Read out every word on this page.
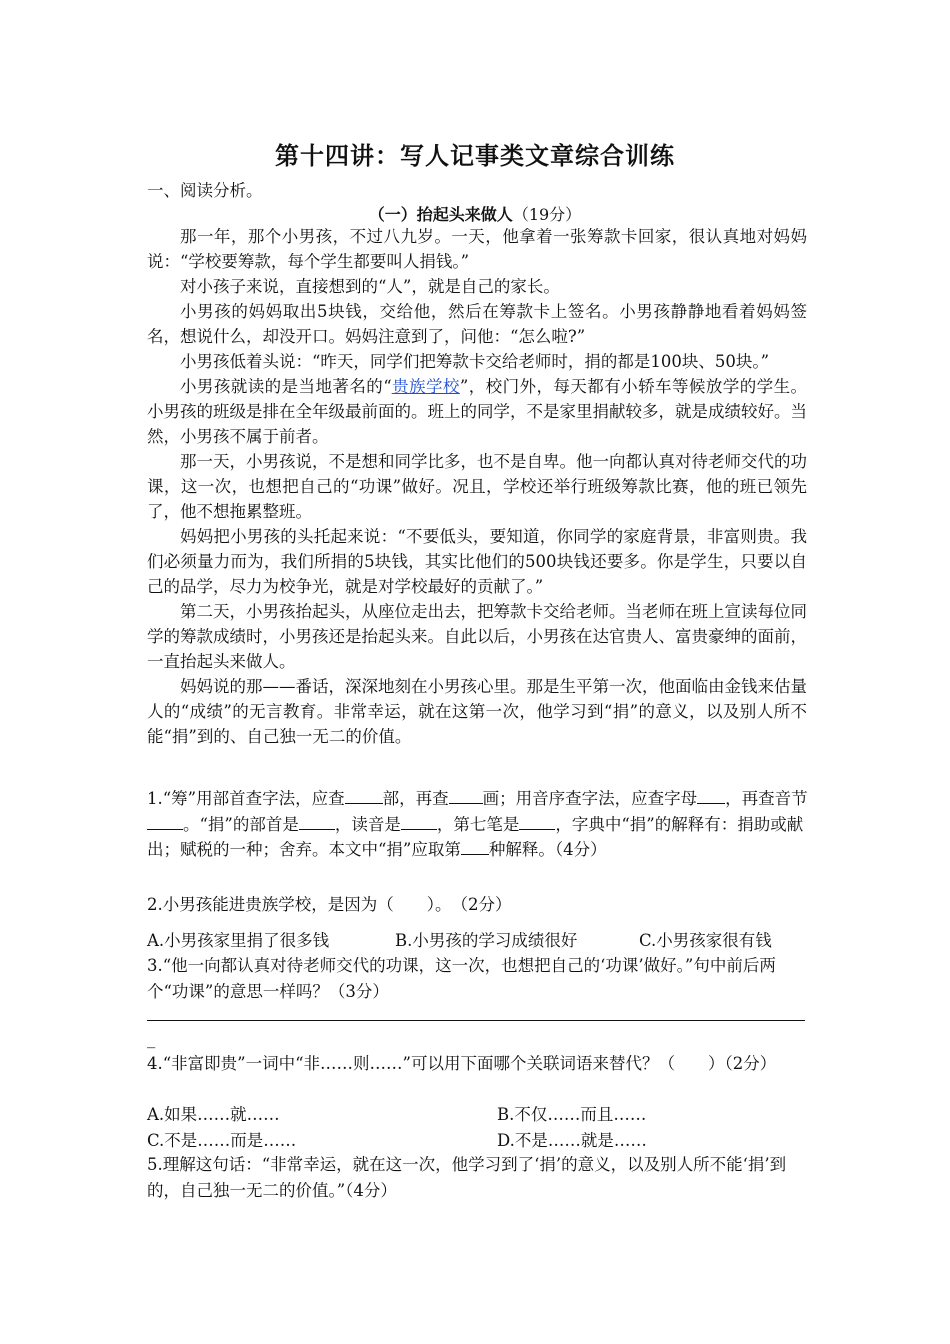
第十四讲：写人记事类文章综合训练
一、阅读分析。
（一）抬起头来做人（19分）

那一年，那个小男孩，不过八九岁。一天，他拿着一张筹款卡回家，很认真地对妈妈说：“学校要筹款，每个学生都要叫人捐钱。”

对小孩子来说，直接想到的“人”，就是自己的家长。

小男孩的妈妈取出5块钱，交给他，然后在筹款卡上签名。小男孩静静地看着妈妈签名，想说什么，却没开口。妈妈注意到了，问他：“怎么啦?”

小男孩低着头说：“昨天，同学们把筹款卡交给老师时，捐的都是100块、50块。”

小男孩就读的是当地著名的“贵族学校”，校门外，每天都有小轿车等候放学的学生。小男孩的班级是排在全年级最前面的。班上的同学，不是家里捐献较多，就是成绩较好。当然，小男孩不属于前者。

那一天，小男孩说，不是想和同学比多，也不是自卑。他一向都认真对待老师交代的功课，这一次，也想把自己的“功课”做好。况且，学校还举行班级筹款比赛，他的班已领先了，他不想拖累整班。

妈妈把小男孩的头托起来说：“不要低头，要知道，你同学的家庭背景，非富则贵。我们必须量力而为，我们所捐的5块钱，其实比他们的500块钱还要多。你是学生，只要以自己的品学，尽力为校争光，就是对学校最好的贡献了。”

第二天，小男孩抬起头，从座位走出去，把筹款卡交给老师。当老师在班上宣读每位同学的筹款成绩时，小男孩还是抬起头来。自此以后，小男孩在达官贵人、富贵豪绅的面前，一直抬起头来做人。

妈妈说的那——番话，深深地刻在小男孩心里。那是生平第一次，他面临由金钱来估量人的“成绩”的无言教育。非常幸运，就在这第一次，他学习到“捐”的意义，以及别人所不能“捐”到的、自己独一无二的价值。

1.“筹”用部首查字法，应查 部，再查 画；用音序查字法，应查字母 ，再查音节。“捐”的部首是 ，读音是 ，第七笔是 ，字典中“捐”的解释有：捐助或献出；赋税的一种；舍弃。本文中“捐”应取第 种解释。（4分）
2.小男孩能进贵族学校，是因为（　　）。　（2分）
A.小男孩家里捐了很多钱	B.小男孩的学习成绩很好	C.小男孩家很有钱
3.“他一向都认真对待老师交代的功课，这一次，也想把自己的‘功课’做好。”句中前后两个“功课”的意思一样吗？（3分）
_
4.“非富即贵”一词中“非……则……”可以用下面哪个关联词语来替代？（　　）（2分）
A.如果……就……	B.不仅……而且……
C.不是……而是……	D.不是……就是……
5.理解这句话：“非常幸运，就在这一次，他学习到了‘捐’的意义，以及别人所不能‘捐’到的，自己独一无二的价值。”（4分）
